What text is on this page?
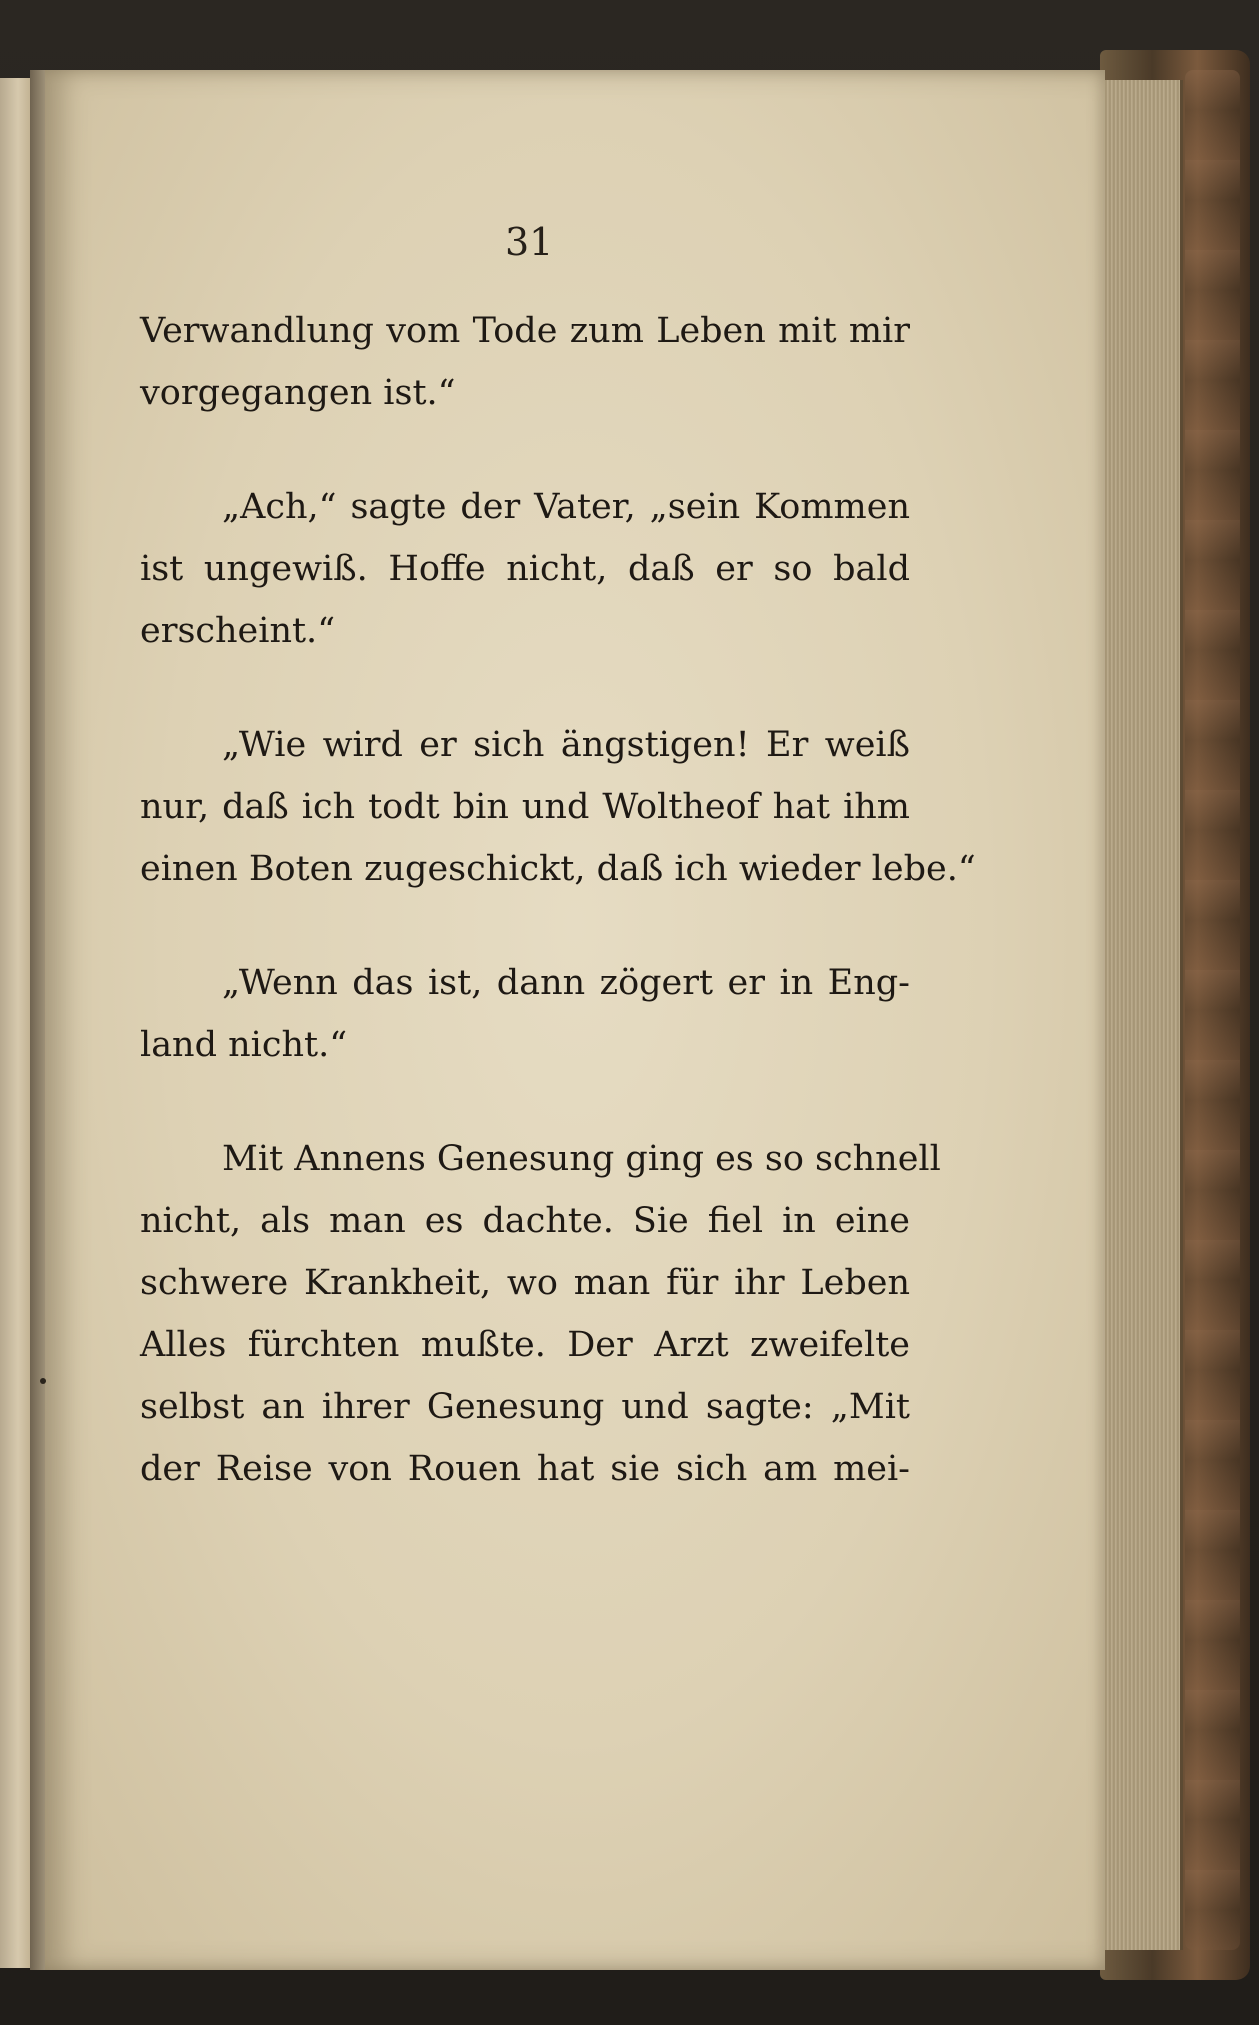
31
Verwandlung vom Tode zum Leben mit mir
vorgegangen ist.“
„Ach,“ sagte der Vater, „sein Kommen
ist ungewiß. Hoffe nicht, daß er so bald
erscheint.“
„Wie wird er sich ängstigen! Er weiß
nur, daß ich todt bin und Woltheof hat ihm
einen Boten zugeschickt, daß ich wieder lebe.“
„Wenn das ist, dann zögert er in Eng-
land nicht.“
Mit Annens Genesung ging es so schnell
nicht, als man es dachte. Sie fiel in eine
schwere Krankheit, wo man für ihr Leben
Alles fürchten mußte. Der Arzt zweifelte
selbst an ihrer Genesung und sagte: „Mit
der Reise von Rouen hat sie sich am mei-
